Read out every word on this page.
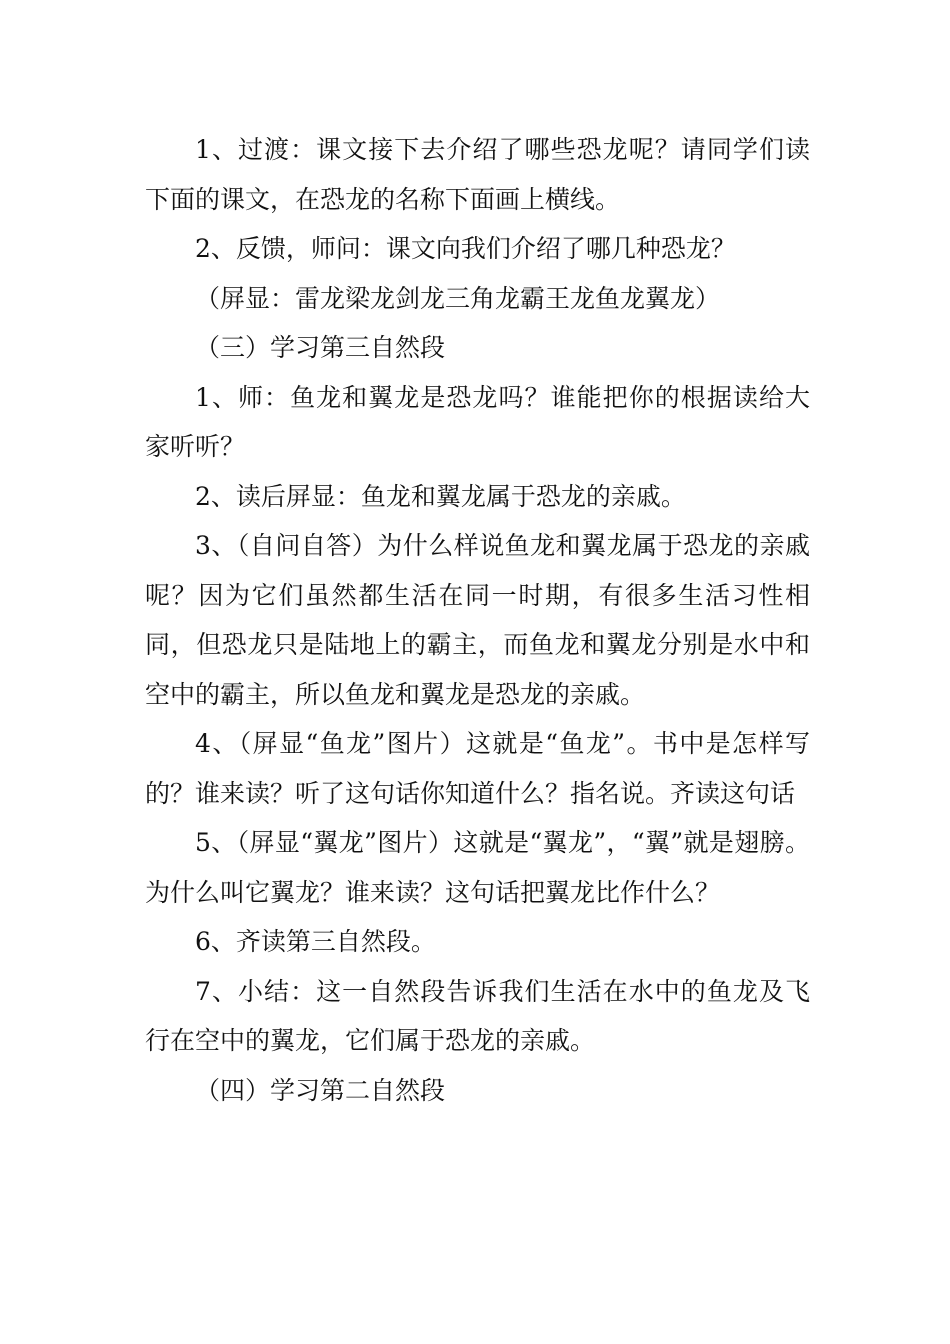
1、过渡：课文接下去介绍了哪些恐龙呢？请同学们读下面的课文，在恐龙的名称下面画上横线。

2、反馈，师问：课文向我们介绍了哪几种恐龙？

（屏显：雷龙梁龙剑龙三角龙霸王龙鱼龙翼龙）

（三）学习第三自然段

1、师：鱼龙和翼龙是恐龙吗？谁能把你的根据读给大家听听？

2、读后屏显：鱼龙和翼龙属于恐龙的亲戚。

3、（自问自答）为什么样说鱼龙和翼龙属于恐龙的亲戚呢？因为它们虽然都生活在同一时期，有很多生活习性相同，但恐龙只是陆地上的霸主，而鱼龙和翼龙分别是水中和空中的霸主，所以鱼龙和翼龙是恐龙的亲戚。

4、（屏显“鱼龙”图片）这就是“鱼龙”。书中是怎样写的？谁来读？听了这句话你知道什么？指名说。齐读这句话

5、（屏显“翼龙”图片）这就是“翼龙”，“翼”就是翅膀。为什么叫它翼龙？谁来读？这句话把翼龙比作什么？

6、齐读第三自然段。

7、小结：这一自然段告诉我们生活在水中的鱼龙及飞行在空中的翼龙，它们属于恐龙的亲戚。

（四）学习第二自然段
